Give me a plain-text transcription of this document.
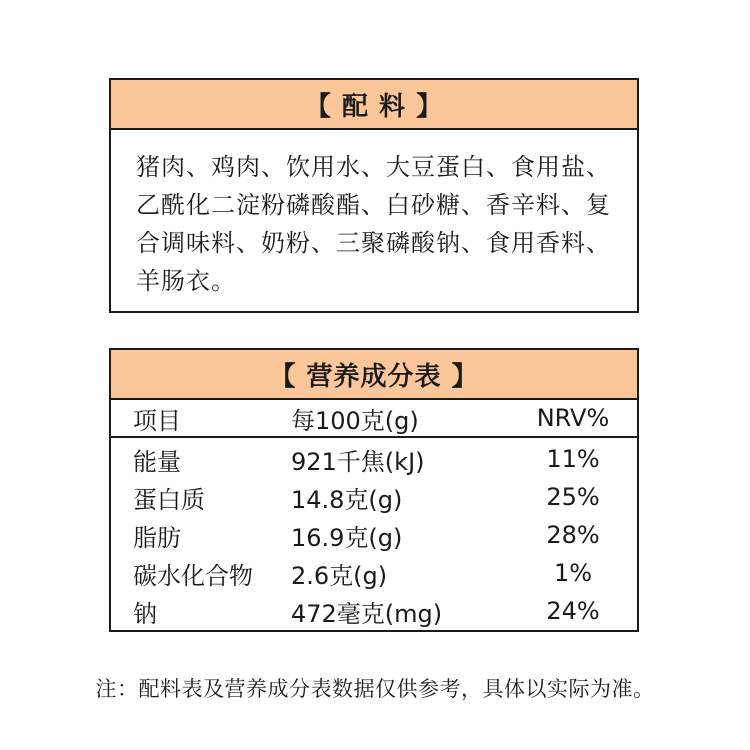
【 配 料 】
猪肉、鸡肉、饮用水、大豆蛋白、食用盐、乙酰化二淀粉磷酸酯、白砂糖、香辛料、复合调味料、奶粉、三聚磷酸钠、食用香料、羊肠衣。
【 营养成分表 】
项目	每100克(g)	NRV%
能量	921千焦(kJ)	11%
蛋白质	14.8克(g)	25%
脂肪	16.9克(g)	28%
碳水化合物	2.6克(g)	1%
钠	472毫克(mg)	24%
注：配料表及营养成分表数据仅供参考，具体以实际为准。
